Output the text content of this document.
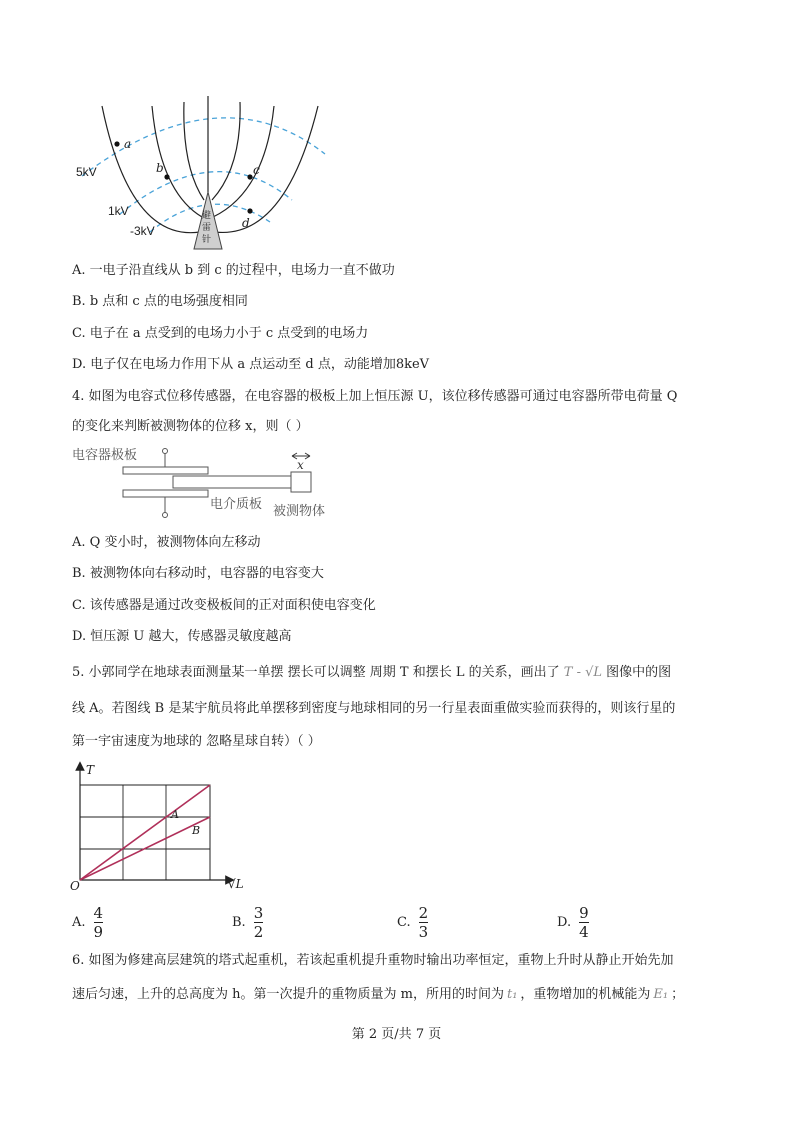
避
雷
针
a
b	c
d
5kV
1kV
-3kV
A. 一电子沿直线从 b 到 c 的过程中，电场力一直不做功
B. b 点和 c 点的电场强度相同
C. 电子在 a 点受到的电场力小于 c 点受到的电场力
D. 电子仅在电场力作用下从 a 点运动至 d 点，动能增加8keV
4. 如图为电容式位移传感器，在电容器的极板上加上恒压源 U，该位移传感器可通过电容器所带电荷量 Q
的变化来判断被测物体的位移 x，则（ ）
电容器极板
x
电介质板 被测物体
A. Q 变小时，被测物体向左移动
B. 被测物体向右移动时，电容器的电容变大
C. 该传感器是通过改变极板间的正对面积使电容变化
D. 恒压源 U 越大，传感器灵敏度越高
5. 小郭同学在地球表面测量某一单摆 摆长可以调整 周期 T 和摆长 L 的关系，画出了 T - √L 图像中的图
线 A。若图线 B 是某宇航员将此单摆移到密度与地球相同的另一行星表面重做实验而获得的，则该行星的
第一宇宙速度为地球的 忽略星球自转）（ ）
T
√L
O
A
B
A. $\frac{4}{9}$	B. $\frac{3}{2}$	C. $\frac{2}{3}$	D. $\frac{9}{4}$
6. 如图为修建高层建筑的塔式起重机，若该起重机提升重物时输出功率恒定，重物上升时从静止开始先加
速后匀速，上升的总高度为 h。第一次提升的重物质量为 m，所用的时间为 t₁ ，重物增加的机械能为 E₁ ；
第 2 页/共 7 页
